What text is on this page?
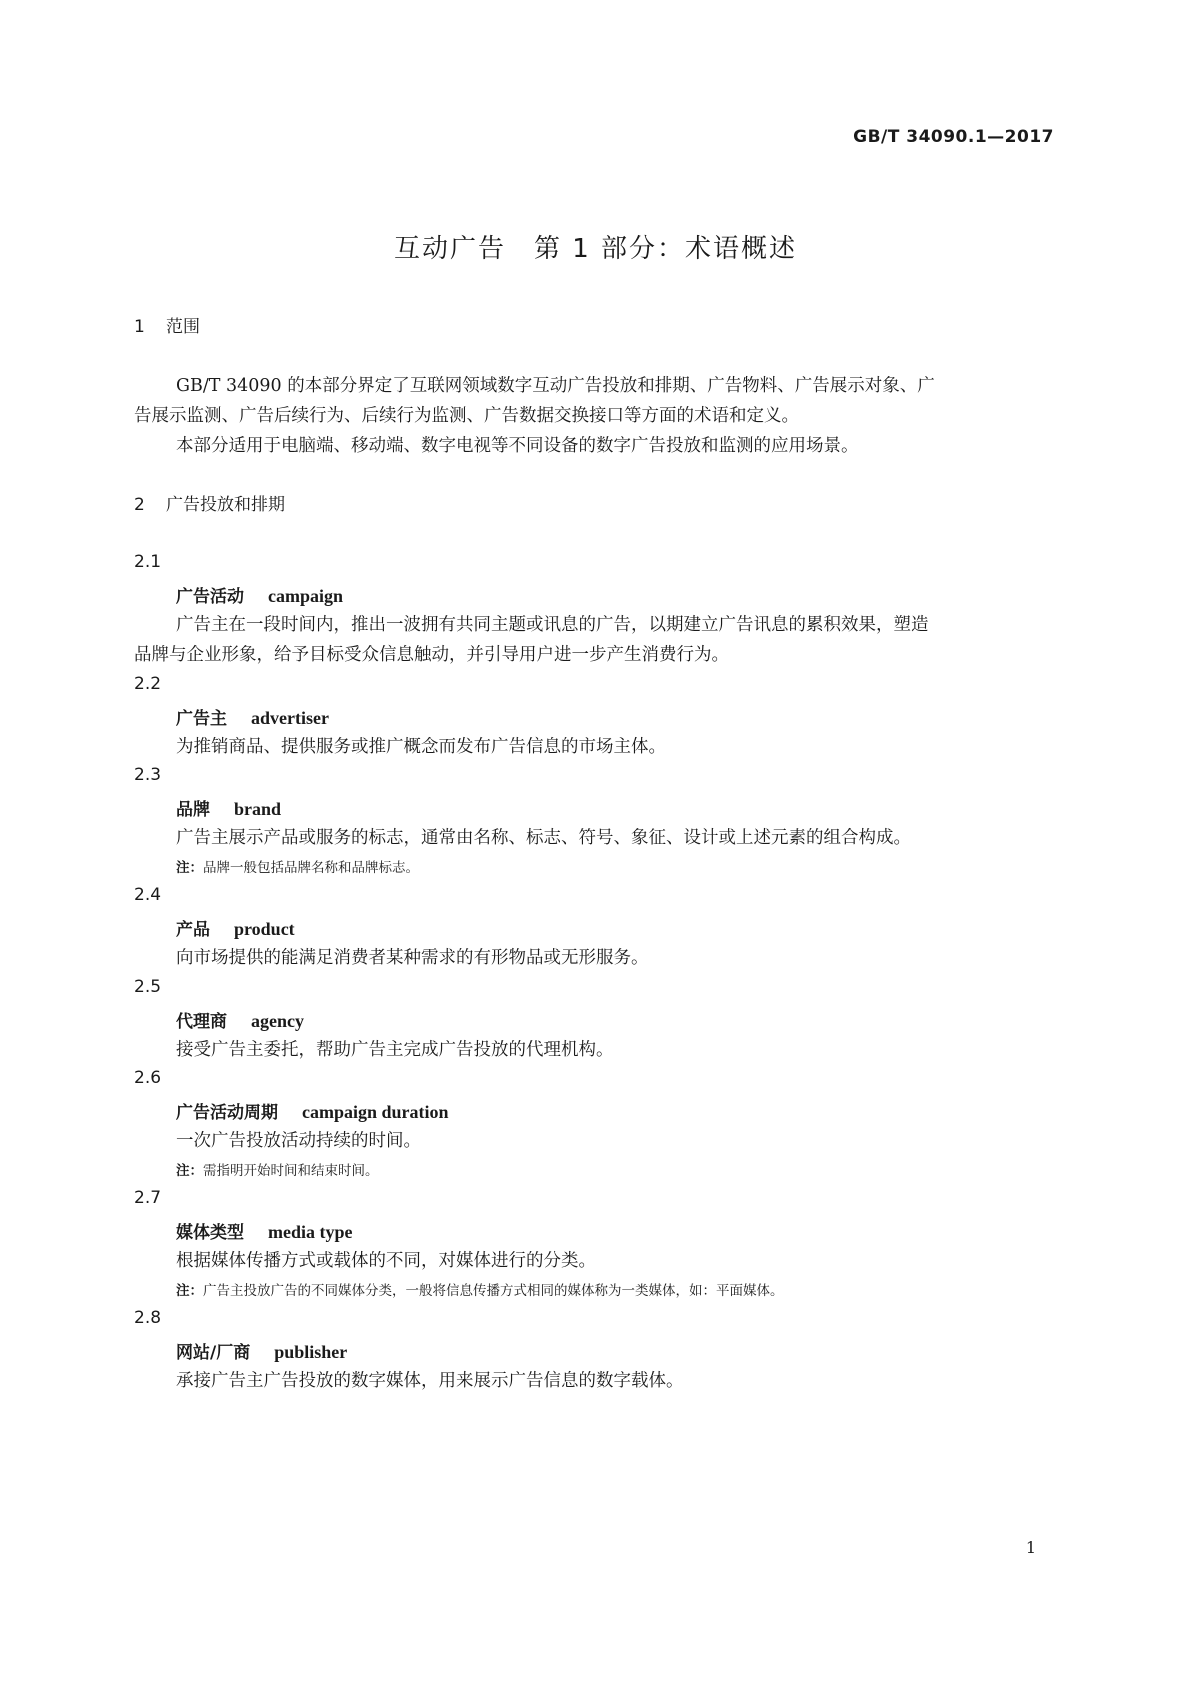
GB/T 34090.1—2017
互动广告　第 1 部分：术语概述
1 范围
GB/T 34090 的本部分界定了互联网领域数字互动广告投放和排期、广告物料、广告展示对象、广
告展示监测、广告后续行为、后续行为监测、广告数据交换接口等方面的术语和定义。
本部分适用于电脑端、移动端、数字电视等不同设备的数字广告投放和监测的应用场景。
2 广告投放和排期
2.1
广告活动 campaign
广告主在一段时间内，推出一波拥有共同主题或讯息的广告，以期建立广告讯息的累积效果，塑造
品牌与企业形象，给予目标受众信息触动，并引导用户进一步产生消费行为。
2.2
广告主 advertiser
为推销商品、提供服务或推广概念而发布广告信息的市场主体。
2.3
品牌 brand
广告主展示产品或服务的标志，通常由名称、标志、符号、象征、设计或上述元素的组合构成。
注：品牌一般包括品牌名称和品牌标志。
2.4
产品 product
向市场提供的能满足消费者某种需求的有形物品或无形服务。
2.5
代理商 agency
接受广告主委托，帮助广告主完成广告投放的代理机构。
2.6
广告活动周期 campaign duration
一次广告投放活动持续的时间。
注：需指明开始时间和结束时间。
2.7
媒体类型 media type
根据媒体传播方式或载体的不同，对媒体进行的分类。
注：广告主投放广告的不同媒体分类，一般将信息传播方式相同的媒体称为一类媒体，如：平面媒体。
2.8
网站/厂商 publisher
承接广告主广告投放的数字媒体，用来展示广告信息的数字载体。
1
